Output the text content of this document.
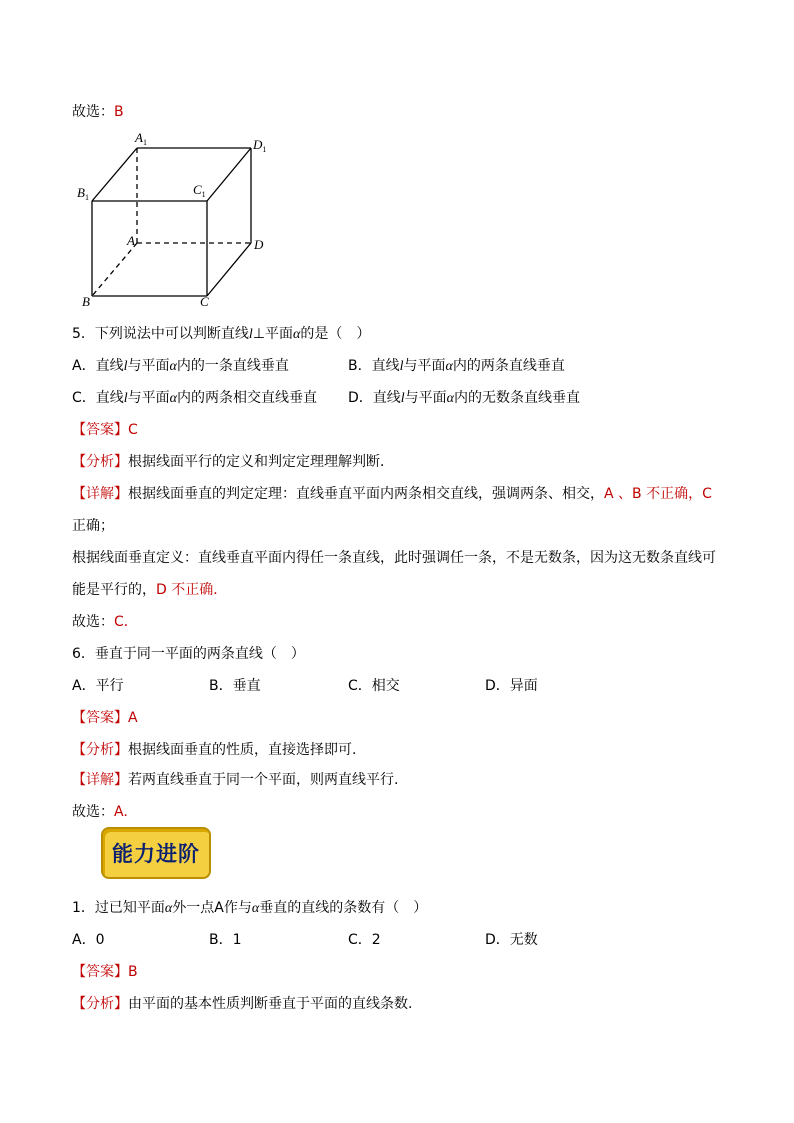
故选：B
$A_1$	$D_1$
$B_1$
$C_1$
A	D
B	C
5．下列说法中可以判断直线l⊥平面α的是（　）
A．直线l与平面α内的一条直线垂直	B．直线l与平面α内的两条直线垂直
C．直线l与平面α内的两条相交直线垂直 D．直线l与平面α内的无数条直线垂直
【答案】C
【分析】根据线面平行的定义和判定定理理解判断．
【详解】根据线面垂直的判定定理：直线垂直平面内两条相交直线，强调两条、相交，A 、B 不正确，C
正确；
根据线面垂直定义：直线垂直平面内得任一条直线，此时强调任一条，不是无数条，因为这无数条直线可
能是平行的，D 不正确．
故选：C．
6．垂直于同一平面的两条直线（　）
A．平行	B．垂直	C．相交	D．异面
【答案】A
【分析】根据线面垂直的性质，直接选择即可.
【详解】若两直线垂直于同一个平面，则两直线平行.
故选：A.
能力进阶
1．过已知平面α外一点A作与α垂直的直线的条数有（　）
A．0	B．1	C．2	D．无数
【答案】B
【分析】由平面的基本性质判断垂直于平面的直线条数.
